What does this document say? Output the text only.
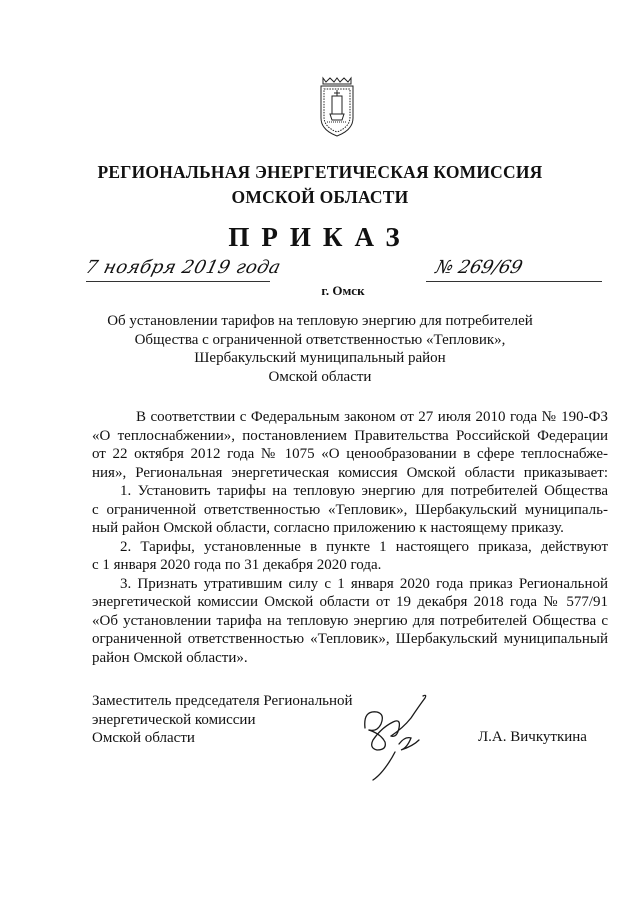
РЕГИОНАЛЬНАЯ ЭНЕРГЕТИЧЕСКАЯ КОМИССИЯ
ОМСКОЙ ОБЛАСТИ
ПРИКАЗ
7 ноября 2019 года	№ 269/69
г. Омск
Об установлении тарифов на тепловую энергию для потребителей
Общества с ограниченной ответственностью «Тепловик»,
Шербакульский муниципальный район
Омской области
В соответствии с Федеральным законом от 27 июля 2010 года № 190-ФЗ
«О теплоснабжении», постановлением Правительства Российской Федерации
от 22 октября 2012 года № 1075 «О ценообразовании в сфере теплоснабже-
ния», Региональная энергетическая комиссия Омской области приказывает:
1. Установить тарифы на тепловую энергию для потребителей Общества
с ограниченной ответственностью «Тепловик», Шербакульский муниципаль-
ный район Омской области, согласно приложению к настоящему приказу.
2. Тарифы, установленные в пункте 1 настоящего приказа, действуют
с 1 января 2020 года по 31 декабря 2020 года.
3. Признать утратившим силу с 1 января 2020 года приказ Региональной
энергетической комиссии Омской области от 19 декабря 2018 года № 577/91
«Об установлении тарифа на тепловую энергию для потребителей Общества с
ограниченной ответственностью «Тепловик», Шербакульский муниципальный
район Омской области».
Заместитель председателя Региональной
энергетической комиссии
Омской области	Л.А. Вичкуткина
